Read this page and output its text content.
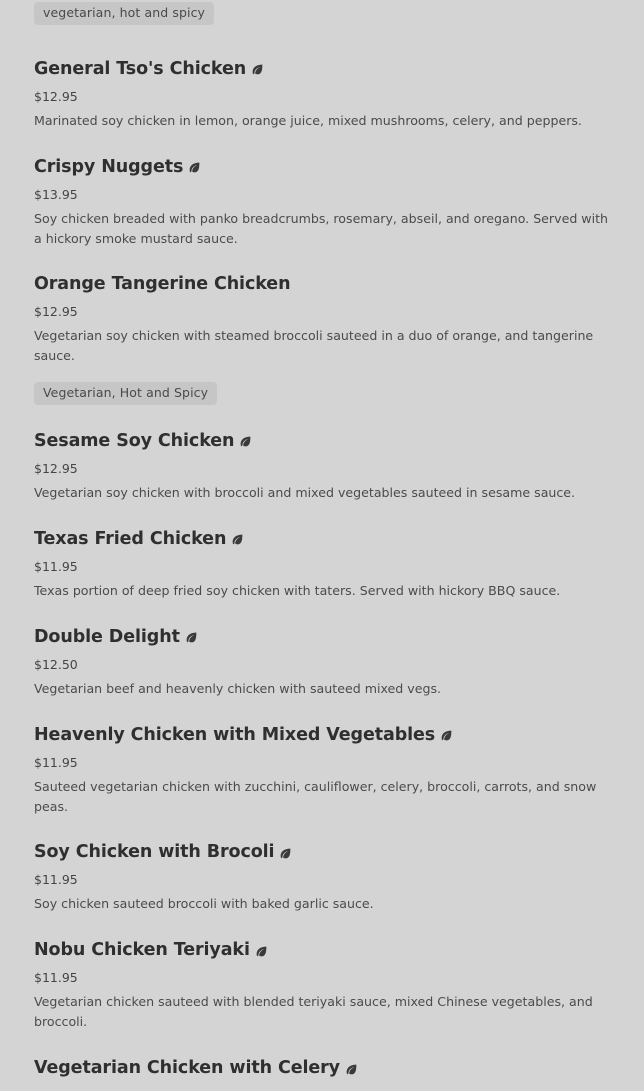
vegetarian, hot and spicy
General Tso's Chicken
$12.95
Marinated soy chicken in lemon, orange juice, mixed mushrooms, celery, and peppers.
Crispy Nuggets
$13.95
Soy chicken breaded with panko breadcrumbs, rosemary, abseil, and oregano. Served with a hickory smoke mustard sauce.
Orange Tangerine Chicken
$12.95
Vegetarian soy chicken with steamed broccoli sauteed in a duo of orange, and tangerine sauce.
Vegetarian, Hot and Spicy
Sesame Soy Chicken
$12.95
Vegetarian soy chicken with broccoli and mixed vegetables sauteed in sesame sauce.
Texas Fried Chicken
$11.95
Texas portion of deep fried soy chicken with taters. Served with hickory BBQ sauce.
Double Delight
$12.50
Vegetarian beef and heavenly chicken with sauteed mixed vegs.
Heavenly Chicken with Mixed Vegetables
$11.95
Sauteed vegetarian chicken with zucchini, cauliflower, celery, broccoli, carrots, and snow peas.
Soy Chicken with Brocoli
$11.95
Soy chicken sauteed broccoli with baked garlic sauce.
Nobu Chicken Teriyaki
$11.95
Vegetarian chicken sauteed with blended teriyaki sauce, mixed Chinese vegetables, and broccoli.
Vegetarian Chicken with Celery
